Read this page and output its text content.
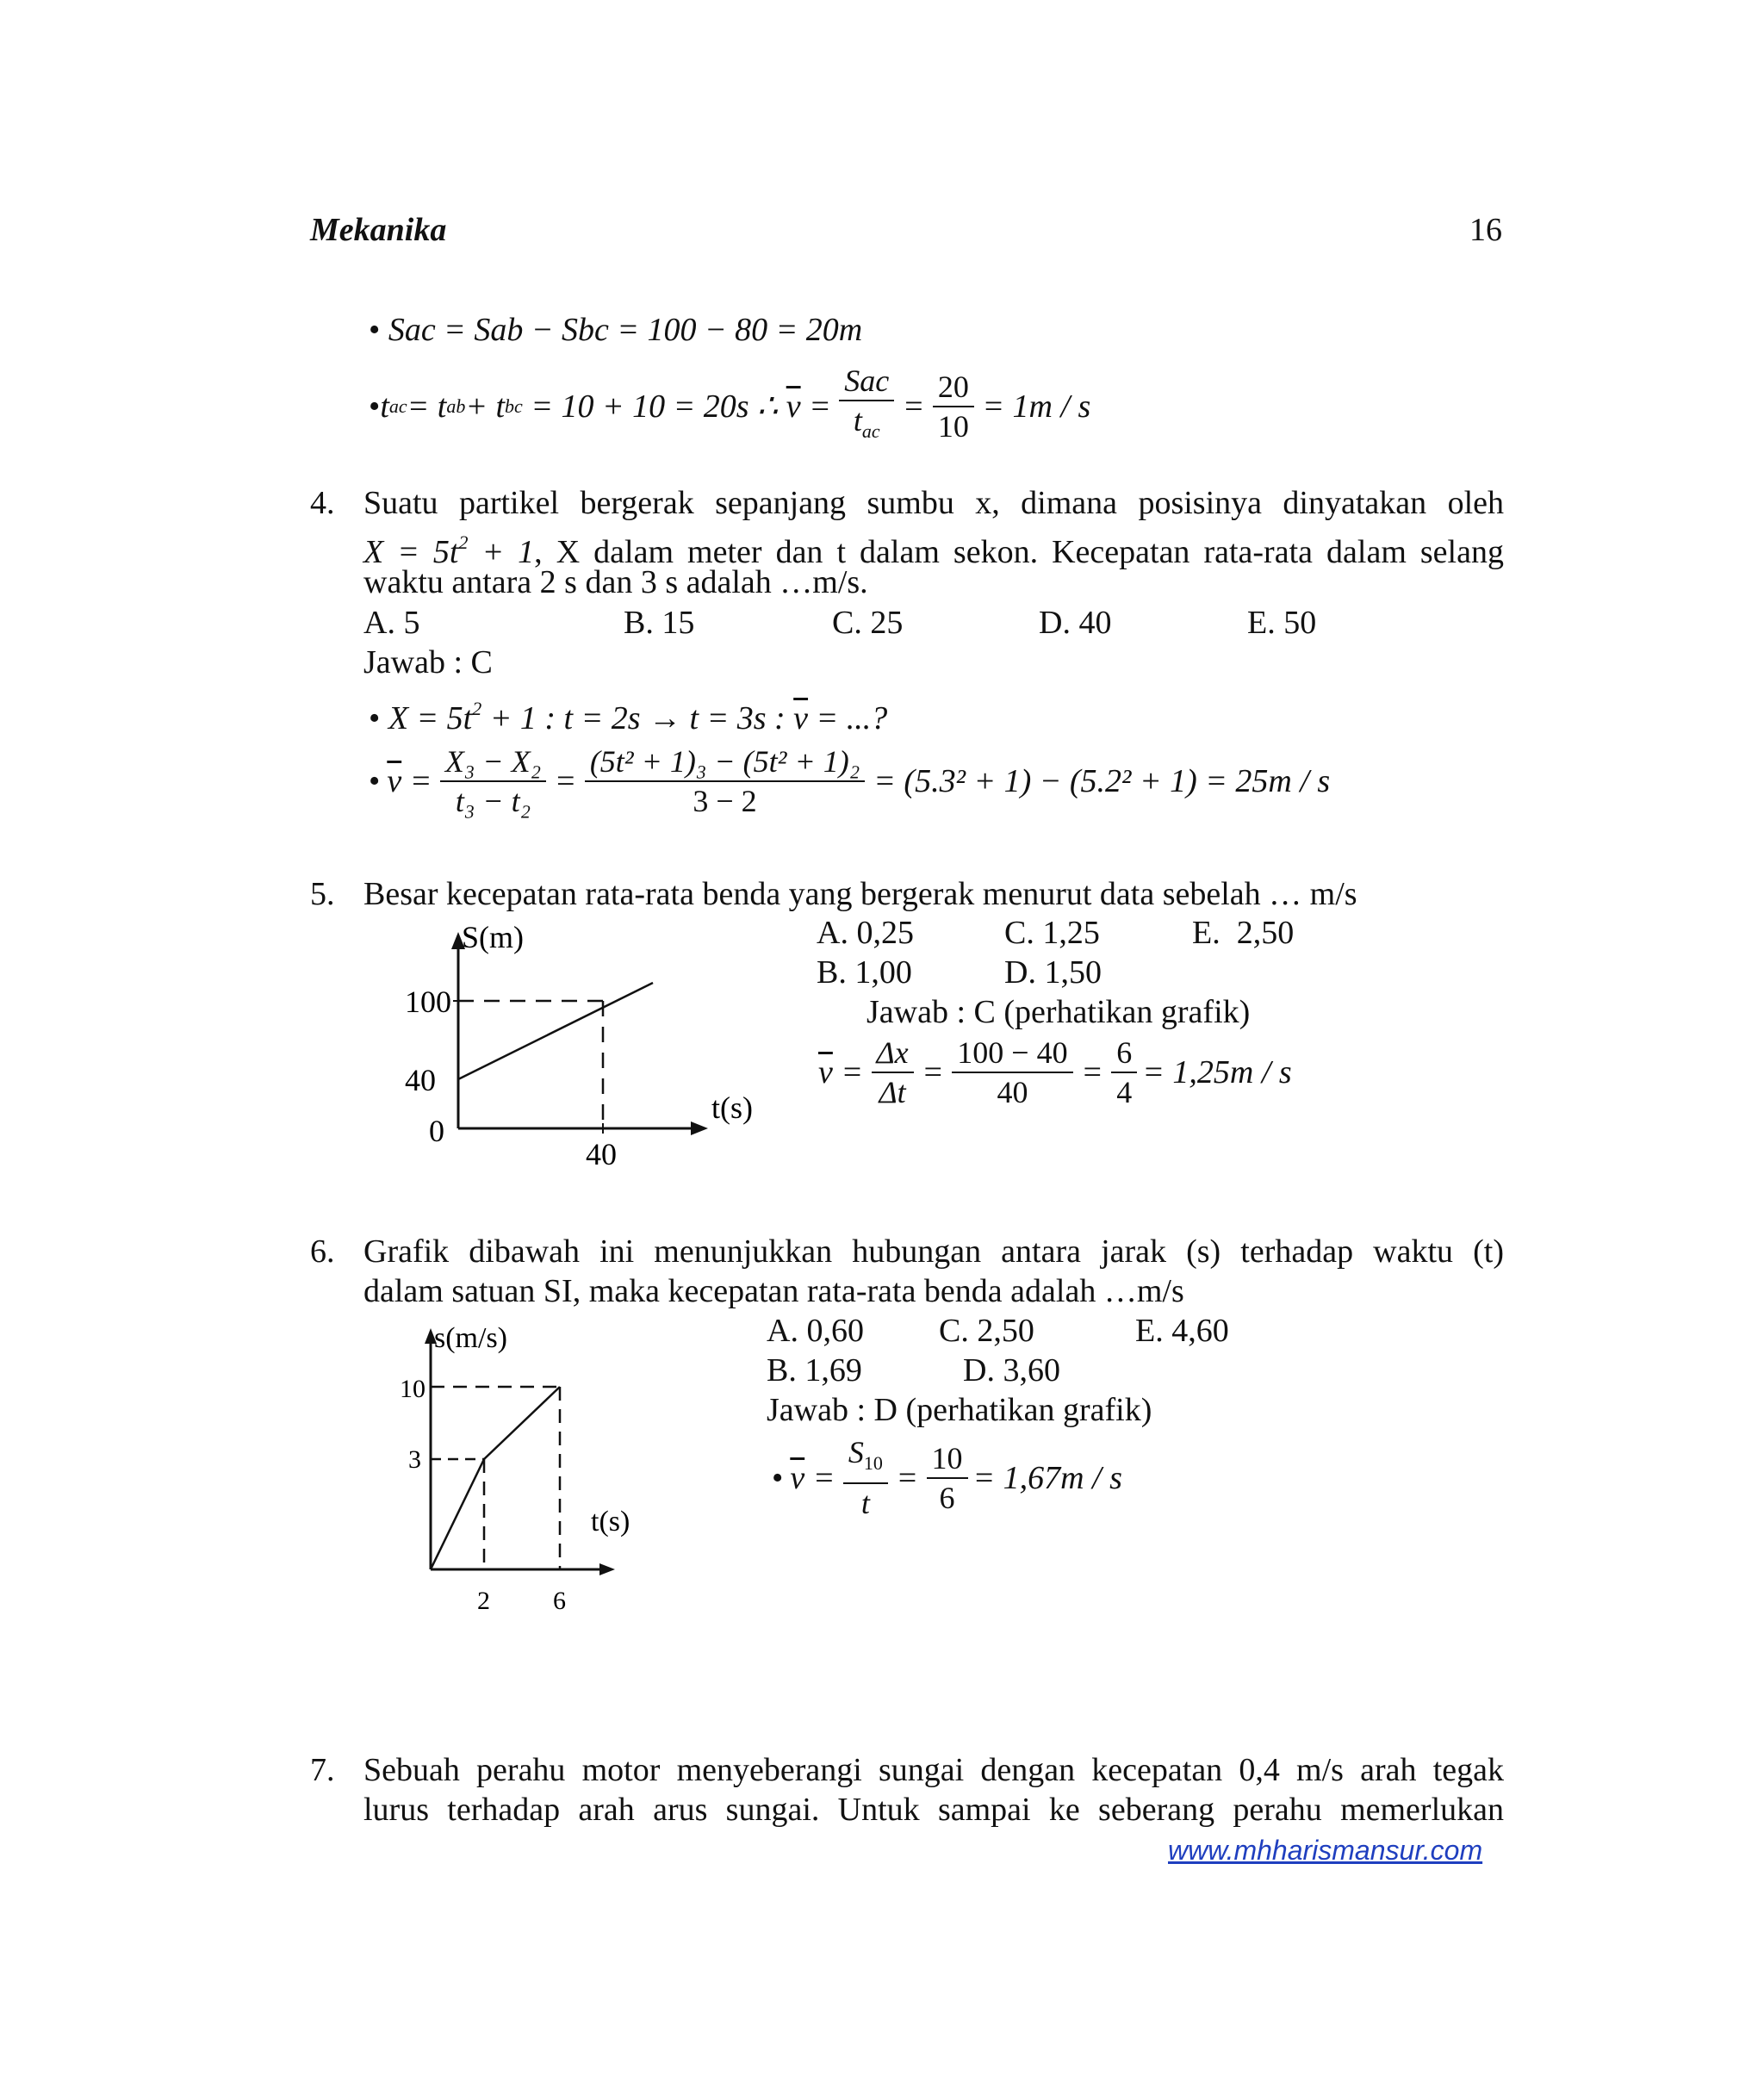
Mekanika	16
• Sac = Sab − Sbc = 100 − 80 = 20m
• t ac = t ab + t bc = 10 + 10 = 20s ∴ $\overline{v} = \frac{\text{Sac}}{t_{ac}} = \frac{20}{10} = 1m / s$
4. Suatu partikel bergerak sepanjang sumbu x, dimana posisinya dinyatakan oleh
$X = 5t^2 + 1$, X dalam meter dan t dalam sekon. Kecepatan rata-rata dalam selang
waktu antara 2 s dan 3 s adalah …m/s.
A. 5	B. 15	C. 25	D. 40	E. 50
Jawab : C
• $X = 5t^2 + 1$ : t = 2s → t = 3s : $\overline{v}$ = ...?
• $\overline{v} = \frac{\text{X₃ − X₂}}{\text{t₃ − t₂}} = \frac{\text{(5t² + 1)₃ − (5t² + 1)₂}}{3 - 2} = (5.3^2 + 1) - (5.2^2 + 1) = 25m / s$
5. Besar kecepatan rata-rata benda yang bergerak menurut data sebelah … m/s
S(m)
100
40
0
40
t(s)
A. 0,25	C. 1,25	E.  2,50
B. 1,00	D. 1,50
Jawab : C (perhatikan grafik)
$\overline{v} = \frac{\Delta x}{\Delta t} = \frac{100 - 40}{40} = \frac{6}{4} = 1,25m / s$
6. Grafik dibawah ini menunjukkan hubungan antara jarak (s) terhadap waktu (t)
dalam satuan SI, maka kecepatan rata-rata benda adalah …m/s
s(m/s)
10
3
2 6
t(s)
A. 0,60 C. 2,50	E. 4,60
B. 1,69	D. 3,60
Jawab : D (perhatikan grafik)
• $\overline{v} = \frac{S_{10}}{t} = \frac{10}{6} = 1,67m / s$
7. Sebuah perahu motor menyeberangi sungai dengan kecepatan 0,4 m/s arah tegak
lurus terhadap arah arus sungai. Untuk sampai ke seberang perahu memerlukan
www.mhharismansur.com
